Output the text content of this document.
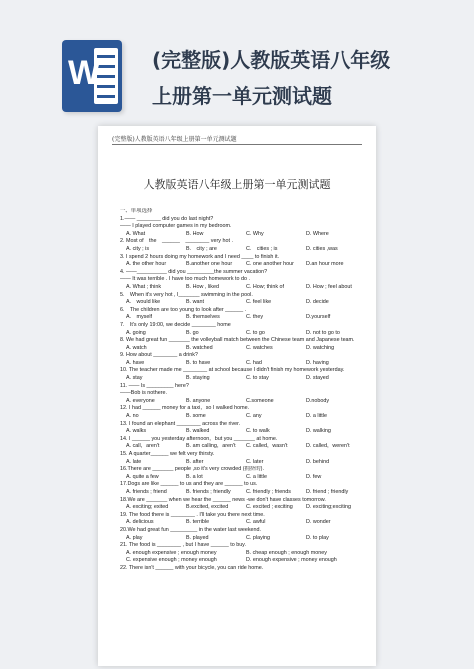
W	(完整版)人教版英语八年级
上册第一单元测试题
(完整版)人教版英语八年级上册第一单元测试题
人教版英语八年级上册第一单元测试题
一、单项选择
1.—— ________ did you do last night?
—— I played computer games in my bedroom.
A. What	B. How	C. Why	D. Where
2. Most of　the　______　________ very hot .
A. city ; is	B.　city ; are	C.　cities ; is	D. cities ,was
3. I spend 2 hours doing my homework and I need ____ to finish it.
A. the other hour	B.another one hour	C. one another hour	D.an hour more
4. ——__________ did you _________the summer vacation?
—— It was terrible . I have too much homework to do .
A. What ; think	B. How , liked	C. How; think of	D. How ; feel about
5.　When it's very hot , I_______ swimming in the pool.
A.　would like	B. want	C. feel like	D. decide
6.　The children are too young to look after ______ .
A.　myself	B. themselves	C. they	D.yourself
7.　It's only 19:00, we decide ________ home
A. going	B. go	C. to go	D. not to go to
8. We had great fun _______ the volleyball match between the Chinese team and Japanese team.
A. watch	B. watched	C. watches	D. watching
9. How about ________ a drink?
A. have	B. to have	C. had	D. having
10. The teacher made me ________ at school because I didn't finish my homework yesterday.
A. stay	B. staying	C. to stay	D. stayed
11. —— Is _________ here?
——Bob is nothere.
A. everyone	B. anyone	C.someone	D.nobody
12. I had ______ money for a taxi，so I walked home.
A. no	B. some	C. any	D. a little
13. I found an elephant ________ across the river.
A. walks	B. walked	C. to walk	D. walking
14. I ______ you yesterday afternoon，but you _______ at home.
A. call，aren't	B. am calling，aren't	C. called，wasn't	D. called，weren't
15. A quarter______ we felt very thirsty.
A. late	B. after	C. later	D. behind
16.There are _______ people ,so it's very crowded (拥挤的).
A. quite a few	B. a lot	C. a little	D. few
17.Dogs are like ______ to us and they are ______ to us.
A. friends ; friend	B. friends ; friendly	C. friendly ; friends	D. friend ; friendly
18.We are _______ when we hear the ______ news -we don't have classes tomorrow.
A. exciting; exited	B.excited, excited	C. excited ; exciting	D. exciting;exciting
19. The food there is ________ . I'll take you there next time.
A. delicious	B. terrible	C. awful	D. wonder
20.We had great fun _________ in the water last weekend.
A. play	B. played	C. playing	D. to play
21. The food is ________ , but I have ______ to buy.
A. enough expensive ; enough money	B. cheap enough ; enough money
C. expensive enough ; money enough	D. enough expensive ; money enough
22. There isn't ______ with your bicycle, you can ride home.
